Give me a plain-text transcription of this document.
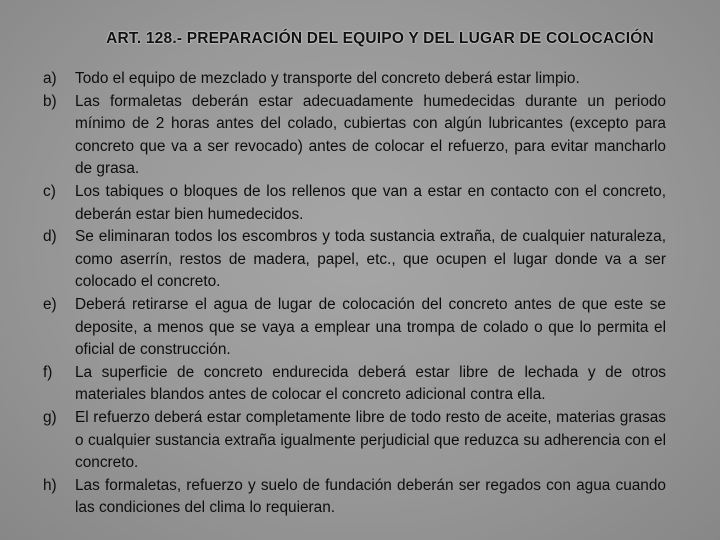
ART. 128.- PREPARACIÓN DEL EQUIPO Y DEL LUGAR DE COLOCACIÓN
a) Todo el equipo de mezclado y transporte del concreto deberá estar limpio.
b) Las formaletas deberán estar adecuadamente humedecidas durante un periodo mínimo de 2 horas antes del colado, cubiertas con algún lubricantes (excepto para concreto que va a ser revocado) antes de colocar el refuerzo, para evitar mancharlo de grasa.
c) Los tabiques o bloques de los rellenos que van a estar en contacto con el concreto, deberán estar bien humedecidos.
d) Se eliminaran todos los escombros y toda sustancia extraña, de cualquier naturaleza, como aserrín, restos de madera, papel, etc., que ocupen el lugar donde va a ser colocado el concreto.
e) Deberá retirarse el agua de lugar de colocación del concreto antes de que este se deposite, a menos que se vaya a emplear una trompa de colado o que lo permita el oficial de construcción.
f) La superficie de concreto endurecida deberá estar libre de lechada y de otros materiales blandos antes de colocar el concreto adicional contra ella.
g) El refuerzo deberá estar completamente libre de todo resto de aceite, materias grasas o cualquier sustancia extraña igualmente perjudicial que reduzca su adherencia con el concreto.
h) Las formaletas, refuerzo y suelo de fundación deberán ser regados con agua cuando las condiciones del clima lo requieran.
